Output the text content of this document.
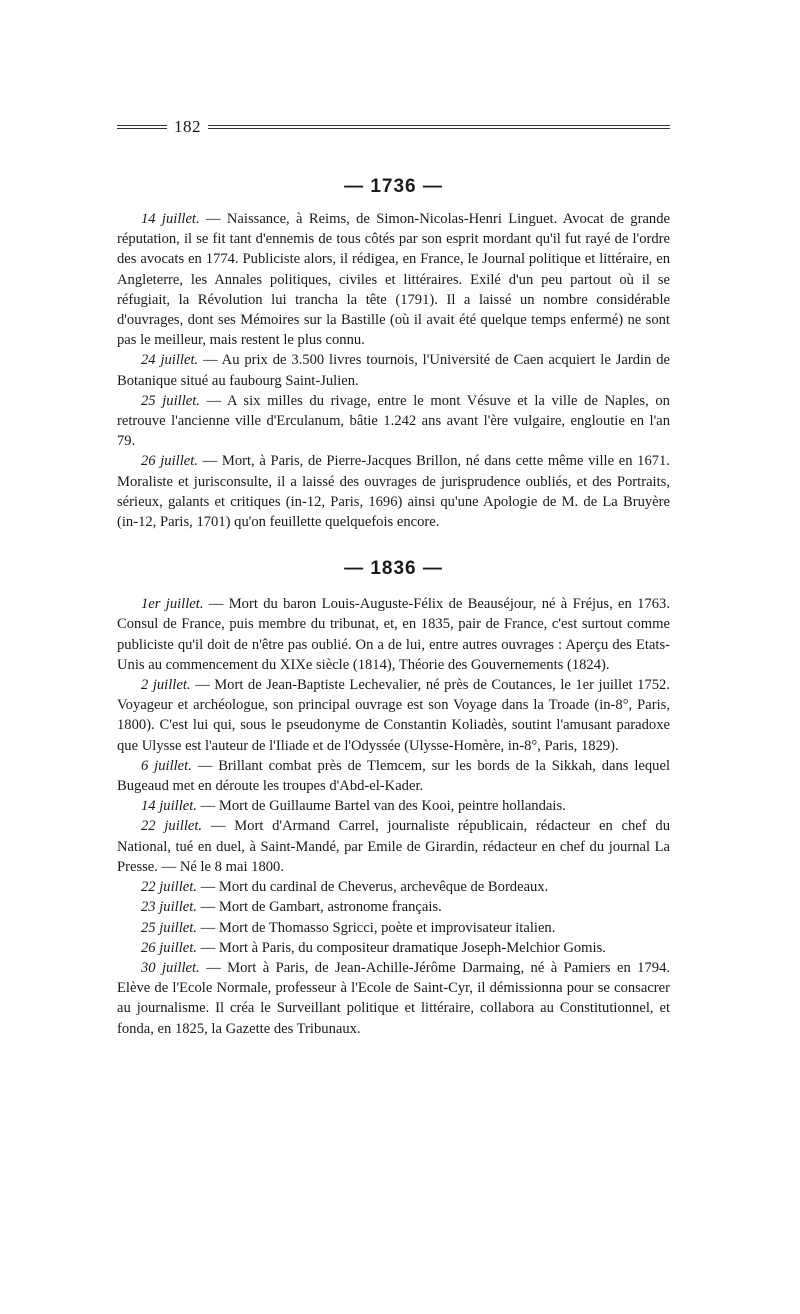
182
— 1736 —

14 juillet. — Naissance, à Reims, de Simon-Nicolas-Henri Linguet. Avocat de grande réputation, il se fit tant d'ennemis de tous côtés par son esprit mordant qu'il fut rayé de l'ordre des avocats en 1774. Publiciste alors, il rédigea, en France, le Journal politique et littéraire, en Angleterre, les Annales politiques, civiles et littéraires. Exilé d'un peu partout où il se réfugiait, la Révolution lui trancha la tête (1791). Il a laissé un nombre considérable d'ouvrages, dont ses Mémoires sur la Bastille (où il avait été quelque temps enfermé) ne sont pas le meilleur, mais restent le plus connu.

24 juillet. — Au prix de 3.500 livres tournois, l'Université de Caen acquiert le Jardin de Botanique situé au faubourg Saint-Julien.

25 juillet. — A six milles du rivage, entre le mont Vésuve et la ville de Naples, on retrouve l'ancienne ville d'Erculanum, bâtie 1.242 ans avant l'ère vulgaire, engloutie en l'an 79.

26 juillet. — Mort, à Paris, de Pierre-Jacques Brillon, né dans cette même ville en 1671. Moraliste et jurisconsulte, il a laissé des ouvrages de jurisprudence oubliés, et des Portraits, sérieux, galants et critiques (in-12, Paris, 1696) ainsi qu'une Apologie de M. de La Bruyère (in-12, Paris, 1701) qu'on feuillette quelquefois encore.

— 1836 —

1er juillet. — Mort du baron Louis-Auguste-Félix de Beauséjour, né à Fréjus, en 1763. Consul de France, puis membre du tribunat, et, en 1835, pair de France, c'est surtout comme publiciste qu'il doit de n'être pas oublié. On a de lui, entre autres ouvrages : Aperçu des Etats-Unis au commencement du XIXe siècle (1814), Théorie des Gouvernements (1824).

2 juillet. — Mort de Jean-Baptiste Lechevalier, né près de Coutances, le 1er juillet 1752. Voyageur et archéologue, son principal ouvrage est son Voyage dans la Troade (in-8°, Paris, 1800). C'est lui qui, sous le pseudonyme de Constantin Koliadès, soutint l'amusant paradoxe que Ulysse est l'auteur de l'Iliade et de l'Odyssée (Ulysse-Homère, in-8°, Paris, 1829).

6 juillet. — Brillant combat près de Tlemcem, sur les bords de la Sikkah, dans lequel Bugeaud met en déroute les troupes d'Abd-el-Kader.

14 juillet. — Mort de Guillaume Bartel van des Kooi, peintre hollandais.

22 juillet. — Mort d'Armand Carrel, journaliste républicain, rédacteur en chef du National, tué en duel, à Saint-Mandé, par Emile de Girardin, rédacteur en chef du journal La Presse. — Né le 8 mai 1800.

22 juillet. — Mort du cardinal de Cheverus, archevêque de Bordeaux.

23 juillet. — Mort de Gambart, astronome français.

25 juillet. — Mort de Thomasso Sgricci, poète et improvisateur italien.

26 juillet. — Mort à Paris, du compositeur dramatique Joseph-Melchior Gomis.

30 juillet. — Mort à Paris, de Jean-Achille-Jérôme Darmaing, né à Pamiers en 1794. Elève de l'Ecole Normale, professeur à l'Ecole de Saint-Cyr, il démissionna pour se consacrer au journalisme. Il créa le Surveillant politique et littéraire, collabora au Constitutionnel, et fonda, en 1825, la Gazette des Tribunaux.
